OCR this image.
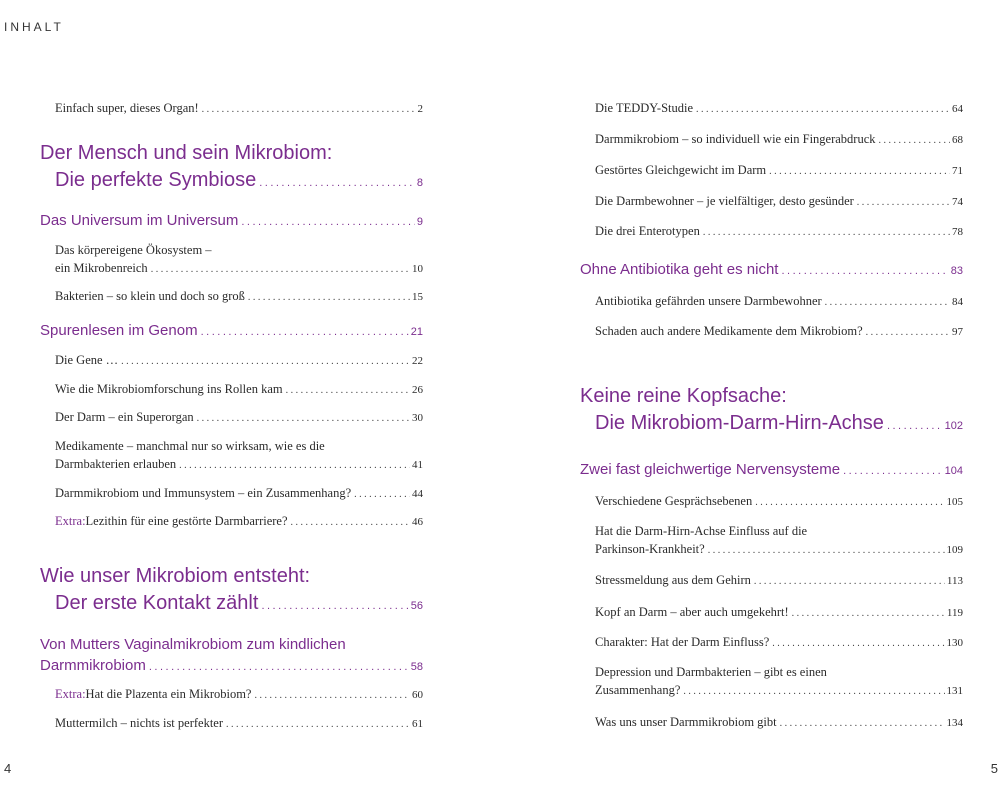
INHALT
Einfach super, dieses Organ! .....	2
Der Mensch und sein Mikrobiom:
Die perfekte Symbiose .....	8
Das Universum im Universum .....	9
Das körpereigene Ökosystem –
ein Mikrobenreich .....	10
Bakterien – so klein und doch so groß .....	15
Spurenlesen im Genom .....	21
Die Gene … .....	22
Wie die Mikrobiomforschung ins Rollen kam .....	26
Der Darm – ein Superorgan .....	30
Medikamente – manchmal nur so wirksam, wie es die
Darmbakterien erlauben .....	41
Darmmikrobiom und Immunsystem – ein Zusammenhang? .....	44
Extra: Lezithin für eine gestörte Darmbarriere? .....	46
Wie unser Mikrobiom entsteht:
Der erste Kontakt zählt .....	56
Von Mutters Vaginalmikrobiom zum kindlichen
Darmmikrobiom .....	58
Extra: Hat die Plazenta ein Mikrobiom? .....	60
Muttermilch – nichts ist perfekter .....	61
Die TEDDY-Studie .....	64
Darmmikrobiom – so individuell wie ein Fingerabdruck .....	68
Gestörtes Gleichgewicht im Darm .....	71
Die Darmbewohner – je vielfältiger, desto gesünder .....	74
Die drei Enterotypen .....	78
Ohne Antibiotika geht es nicht .....	83
Antibiotika gefährden unsere Darmbewohner .....	84
Schaden auch andere Medikamente dem Mikrobiom? .....	97
Keine reine Kopfsache:
Die Mikrobiom-Darm-Hirn-Achse .....	102
Zwei fast gleichwertige Nervensysteme .....	104
Verschiedene Gesprächsebenen .....	105
Hat die Darm-Hirn-Achse Einfluss auf die
Parkinson-Krankheit? .....	109
Stressmeldung aus dem Gehirn .....	113
Kopf an Darm – aber auch umgekehrt! .....	119
Charakter: Hat der Darm Einfluss? .....	130
Depression und Darmbakterien – gibt es einen
Zusammenhang? .....	131
Was uns unser Darmmikrobiom gibt .....	134
4	5
